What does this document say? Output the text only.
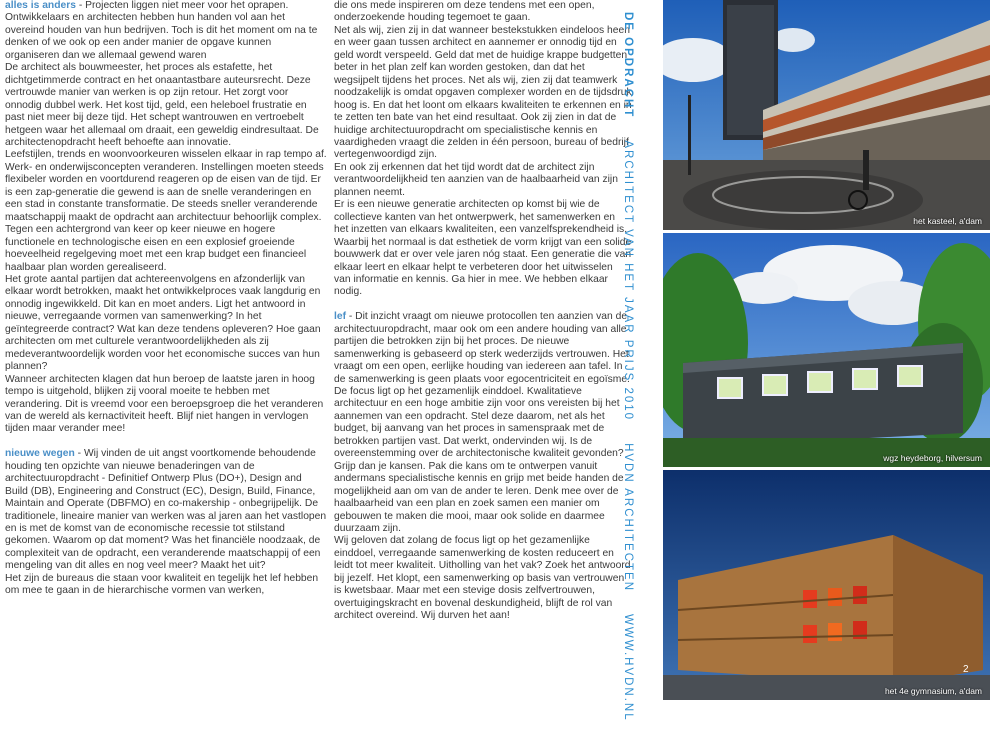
alles is anders - Projecten liggen niet meer voor het oprapen. Ontwikkelaars en architecten hebben hun handen vol aan het overeind houden van hun bedrijven. Toch is dit het moment om na te denken of we ook op een ander manier de opgave kunnen organiseren dan we allemaal gewend waren

De architect als bouwmeester, het proces als estafette, het dichtgetimmerde contract en het onaantastbare auteursrecht. Deze vertrouwde manier van werken is op zijn retour. Het zorgt voor onnodig dubbel werk. Het kost tijd, geld, een heleboel frustratie en past niet meer bij deze tijd. Het schept wantrouwen en vertroebelt hetgeen waar het allemaal om draait, een geweldig eindresultaat. De architectenopdracht heeft behoefte aan innovatie.

Leefstijlen, trends en woonvoorkeuren wisselen elkaar in rap tempo af. Werk- en onderwijsconcepten veranderen. Instellingen moeten steeds flexibeler worden en voortdurend reageren op de eisen van de tijd. Er is een zap-generatie die gewend is aan de snelle veranderingen en een stad in constante transformatie. De steeds sneller veranderende maatschappij maakt de opdracht aan architectuur behoorlijk complex. Tegen een achtergrond van keer op keer nieuwe en hogere functionele en technologische eisen en een explosief groeiende hoeveelheid regelgeving moet met een krap budget een financieel haalbaar plan worden gerealiseerd.

Het grote aantal partijen dat achtereenvolgens en afzonderlijk van elkaar wordt betrokken, maakt het ontwikkelproces vaak langdurig en onnodig ingewikkeld. Dit kan en moet anders. Ligt het antwoord in nieuwe, verregaande vormen van samenwerking? In het geïntegreerde contract? Wat kan deze tendens opleveren? Hoe gaan architecten om met culturele verantwoordelijkheden als zij medeverantwoordelijk worden voor het economische succes van hun plannen?

Wanneer architecten klagen dat hun beroep de laatste jaren in hoog tempo is uitgehold, blijken zij vooral moeite te hebben met verandering. Dit is vreemd voor een beroepsgroep die het veranderen van de wereld als kernactiviteit heeft. Blijf niet hangen in vervlogen tijden maar verander mee!

nieuwe wegen - Wij vinden de uit angst voortkomende behoudende houding ten opzichte van nieuwe benaderingen van de architectuuropdracht - Definitief Ontwerp Plus (DO+), Design and Build (DB), Engineering and Construct (EC), Design, Build, Finance, Maintain and Operate (DBFMO) en co-makership - onbegrijpelijk. De traditionele, lineaire manier van werken was al jaren aan het vastlopen en is met de komst van de economische recessie tot stilstand gekomen. Waarom op dat moment? Was het financiële noodzaak, de complexiteit van de opdracht, een veranderende maatschappij of een mengeling van dit alles en nog veel meer? Maakt het uit?

Het zijn de bureaus die staan voor kwaliteit en tegelijk het lef hebben om mee te gaan in de hierarchische vormen van werken,

die ons mede inspireren om deze tendens met een open, onderzoekende houding tegemoet te gaan.

Net als wij, zien zij in dat wanneer bestekstukken eindeloos heen en weer gaan tussen architect en aannemer er onnodig tijd en geld wordt verspeeld. Geld dat met de huidige krappe budgetten beter in het plan zelf kan worden gestoken, dan dat het wegsijpelt tijdens het proces. Net als wij, zien zij dat teamwerk noodzakelijk is omdat opgaven complexer worden en de tijdsdruk hoog is. En dat het loont om elkaars kwaliteiten te erkennen en in te zetten ten bate van het eind resultaat. Ook zij zien in dat de huidige architectuuropdracht om specialistische kennis en vaardigheden vraagt die zelden in één persoon, bureau of bedrijf vertegenwoordigd zijn.

En ook zij erkennen dat het tijd wordt dat de architect zijn verantwoordelijkheid ten aanzien van de haalbaarheid van zijn plannen neemt.

Er is een nieuwe generatie architecten op komst bij wie de collectieve kanten van het ontwerpwerk, het samenwerken en het inzetten van elkaars kwaliteiten, een vanzelfsprekendheid is. Waarbij het normaal is dat esthetiek de vorm krijgt van een solide bouwwerk dat er over vele jaren nóg staat. Een generatie die van elkaar leert en elkaar helpt te verbeteren door het uitwisselen van informatie en kennis. Ga hier in mee. We hebben elkaar nodig.

lef - Dit inzicht vraagt om nieuwe protocollen ten aanzien van de architectuuropdracht, maar ook om een andere houding van alle partijen die betrokken zijn bij het proces. De nieuwe samenwerking is gebaseerd op sterk wederzijds vertrouwen. Het vraagt om een open, eerlijke houding van iedereen aan tafel. In de samenwerking is geen plaats voor egocentriciteit en egoïsme. De focus ligt op het gezamenlijk einddoel. Kwalitatieve architectuur en een hoge ambitie zijn voor ons vereisten bij het aannemen van een opdracht. Stel deze daarom, net als het budget, bij aanvang van het proces in samenspraak met de betrokken partijen vast. Dat werkt, ondervinden wij. Is de overeenstemming over de architectonische kwaliteit gevonden? Grijp dan je kansen. Pak die kans om te ontwerpen vanuit andermans specialistische kennis en grijp met beide handen de mogelijkheid aan om van de ander te leren. Denk mee over de haalbaarheid van een plan en zoek samen een manier om gebouwen te maken die mooi, maar ook solide en daarmee duurzaam zijn.

Wij geloven dat zolang de focus ligt op het gezamenlijke einddoel, verregaande samenwerking de kosten reduceert en leidt tot meer kwaliteit. Uitholling van het vak? Zoek het antwoord bij jezelf. Het klopt, een samenwerking op basis van vertrouwen is kwetsbaar. Maar met een stevige dosis zelfvertrouwen, overtuigingskracht en bovenal deskundigheid, blijft de rol van architect overeind. Wij durven het aan!

DE OPDRACHTARCHITECT VAN HET JAAR PRIJS 2010HVDN ARCHITECTENWWW.HVDN.NL
het kasteel, a'dam
wgz heydeborg, hilversum
het 4e gymnasium, a'dam
2
